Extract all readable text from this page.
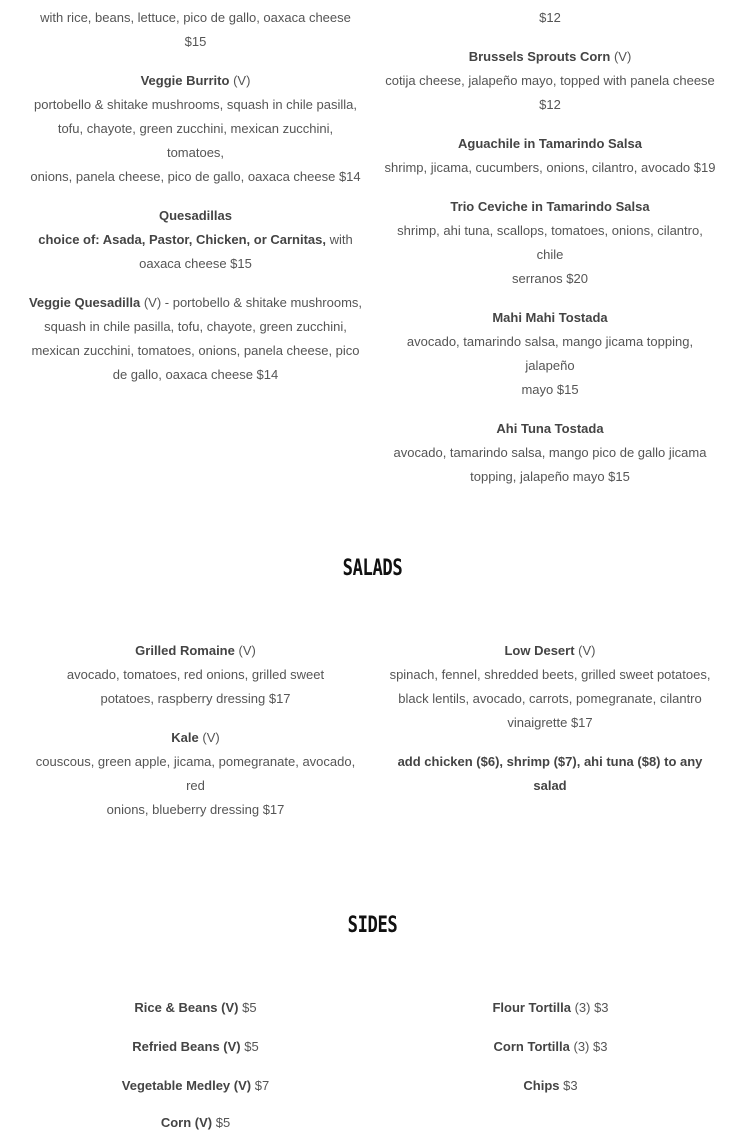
with rice, beans, lettuce, pico de gallo, oaxaca cheese
$15
Veggie Burrito (V)
portobello & shitake mushrooms, squash in chile pasilla,
tofu, chayote, green zucchini, mexican zucchini, tomatoes,
onions, panela cheese, pico de gallo, oaxaca cheese $14
Quesadillas
choice of: Asada, Pastor, Chicken, or Carnitas, with
oaxaca cheese $15
Veggie Quesadilla (V) - portobello & shitake mushrooms,
squash in chile pasilla, tofu, chayote, green zucchini,
mexican zucchini, tomatoes, onions, panela cheese, pico
de gallo, oaxaca cheese $14
$12
Brussels Sprouts Corn (V)
cotija cheese, jalapeño mayo, topped with panela cheese
$12
Aguachile in Tamarindo Salsa
shrimp, jicama, cucumbers, onions, cilantro, avocado $19
Trio Ceviche in Tamarindo Salsa
shrimp, ahi tuna, scallops, tomatoes, onions, cilantro, chile
serranos $20
Mahi Mahi Tostada
avocado, tamarindo salsa, mango jicama topping, jalapeño
mayo $15
Ahi Tuna Tostada
avocado, tamarindo salsa, mango pico de gallo jicama
topping, jalapeño mayo $15
SALADS
Grilled Romaine (V)
avocado, tomatoes, red onions, grilled sweet
potatoes, raspberry dressing $17
Kale (V)
couscous, green apple, jicama, pomegranate, avocado, red
onions, blueberry dressing $17
Low Desert (V)
spinach, fennel, shredded beets, grilled sweet potatoes,
black lentils, avocado, carrots, pomegranate, cilantro
vinaigrette $17
add chicken ($6), shrimp ($7), ahi tuna ($8) to any salad
SIDES
Rice & Beans (V) $5
Refried Beans (V) $5
Vegetable Medley (V) $7
Corn (V) $5
Flour Tortilla (3) $3
Corn Tortilla (3) $3
Chips $3
